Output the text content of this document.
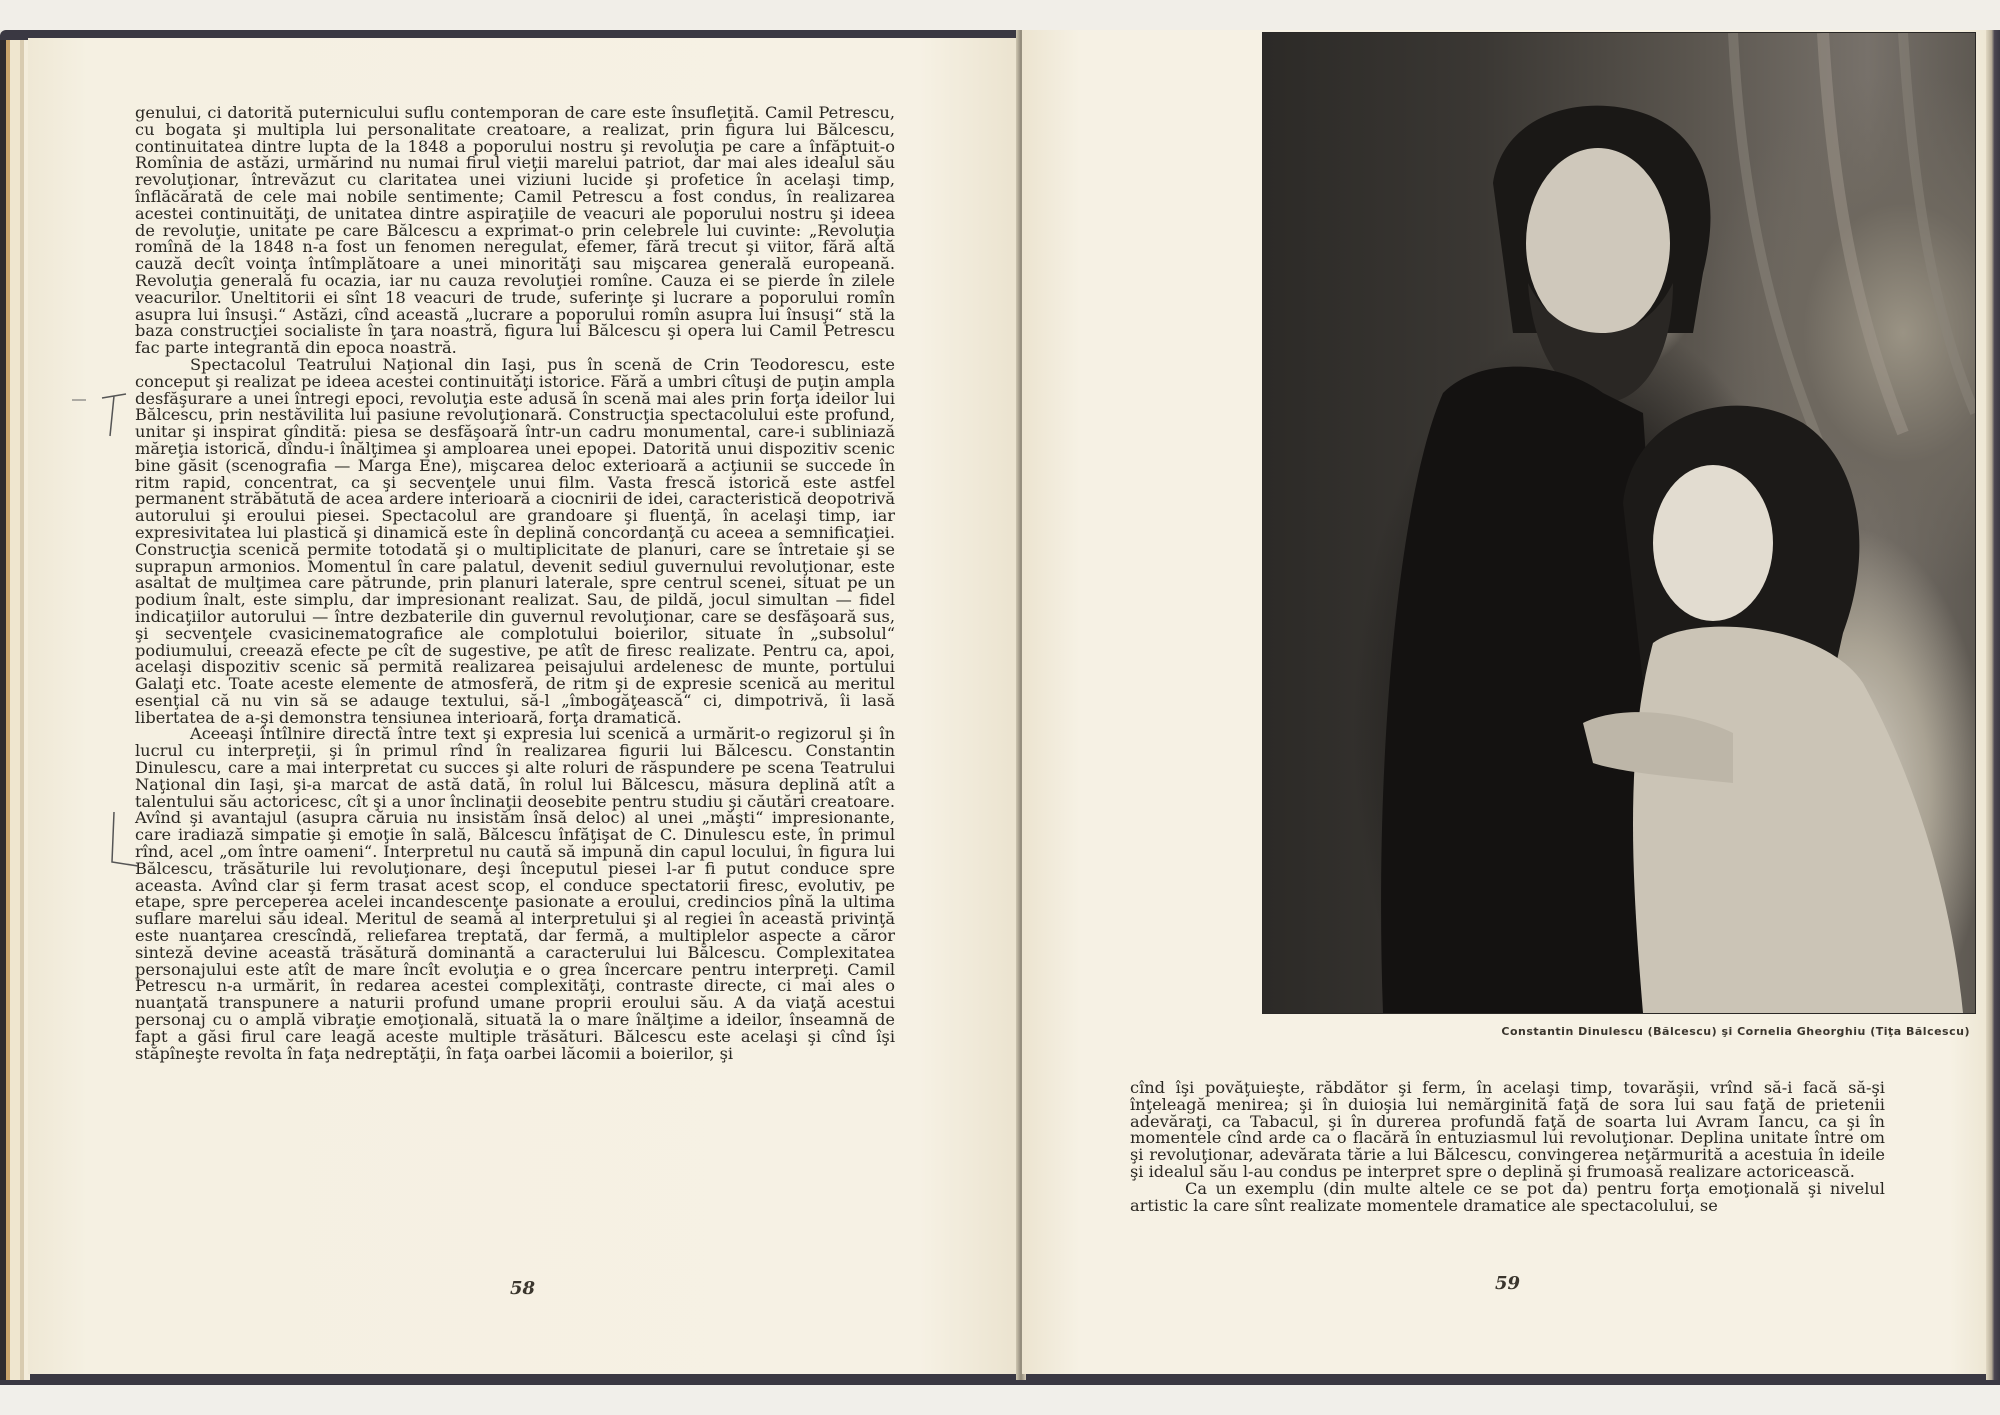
genului, ci datorită puternicului suflu contemporan de care este însufleţită. Camil Petrescu, cu bogata şi multipla lui personalitate creatoare, a realizat, prin figura lui Bălcescu, continuitatea dintre lupta de la 1848 a poporului nostru şi revoluţia pe care a înfăptuit-o Romînia de astăzi, urmărind nu numai firul vieţii marelui patriot, dar mai ales idealul său revoluţionar, întrevăzut cu claritatea unei viziuni lucide şi profetice în acelaşi timp, înflăcărată de cele mai nobile sentimente; Camil Petrescu a fost condus, în realizarea acestei continuităţi, de unitatea dintre aspiraţiile de veacuri ale poporului nostru şi ideea de revoluţie, unitate pe care Bălcescu a exprimat-o prin celebrele lui cuvinte: „Revoluţia romînă de la 1848 n-a fost un fenomen neregulat, efemer, fără trecut şi viitor, fără altă cauză decît voinţa întîmplătoare a unei minorităţi sau mişcarea generală europeană. Revoluţia generală fu ocazia, iar nu cauza revoluţiei romîne. Cauza ei se pierde în zilele veacurilor. Uneltitorii ei sînt 18 veacuri de trude, suferinţe şi lucrare a poporului romîn asupra lui însuşi.“ Astăzi, cînd această „lucrare a poporului romîn asupra lui însuşi“ stă la baza construcţiei socialiste în ţara noastră, figura lui Bălcescu şi opera lui Camil Petrescu fac parte integrantă din epoca noastră.

Spectacolul Teatrului Naţional din Iaşi, pus în scenă de Crin Teodorescu, este conceput şi realizat pe ideea acestei continuităţi istorice. Fără a umbri cîtuşi de puţin ampla desfăşurare a unei întregi epoci, revoluţia este adusă în scenă mai ales prin forţa ideilor lui Bălcescu, prin nestăvilita lui pasiune revoluţionară. Construcţia spectacolului este profund, unitar şi inspirat gîndită: piesa se desfăşoară într-un cadru monumental, care-i subliniază măreţia istorică, dîndu-i înălţimea şi amploarea unei epopei. Datorită unui dispozitiv scenic bine găsit (scenografia — Marga Ene), mişcarea deloc exterioară a acţiunii se succede în ritm rapid, concentrat, ca şi secvenţele unui film. Vasta frescă istorică este astfel permanent străbătută de acea ardere interioară a ciocnirii de idei, caracteristică deopotrivă autorului şi eroului piesei. Spectacolul are grandoare şi fluenţă, în acelaşi timp, iar expresivitatea lui plastică şi dinamică este în deplină concordanţă cu aceea a semnificaţiei. Construcţia scenică permite totodată şi o multiplicitate de planuri, care se întretaie şi se suprapun armonios. Momentul în care palatul, devenit sediul guvernului revoluţionar, este asaltat de mulţimea care pătrunde, prin planuri laterale, spre centrul scenei, situat pe un podium înalt, este simplu, dar impresionant realizat. Sau, de pildă, jocul simultan — fidel indicaţiilor autorului — între dezbaterile din guvernul revoluţionar, care se desfăşoară sus, şi secvenţele cvasicinematografice ale complotului boierilor, situate în „subsolul“ podiumului, creează efecte pe cît de sugestive, pe atît de firesc realizate. Pentru ca, apoi, acelaşi dispozitiv scenic să permită realizarea peisajului ardelenesc de munte, portului Galaţi etc. Toate aceste elemente de atmosferă, de ritm şi de expresie scenică au meritul esenţial că nu vin să se adauge textului, să-l „îmbogăţească“ ci, dimpotrivă, îi lasă libertatea de a-şi demonstra tensiunea interioară, forţa dramatică.

Aceeaşi întîlnire directă între text şi expresia lui scenică a urmărit-o regizorul şi în lucrul cu interpreţii, şi în primul rînd în realizarea figurii lui Bălcescu. Constantin Dinulescu, care a mai interpretat cu succes şi alte roluri de răspundere pe scena Teatrului Naţional din Iaşi, şi-a marcat de astă dată, în rolul lui Bălcescu, măsura deplină atît a talentului său actoricesc, cît şi a unor înclinaţii deosebite pentru studiu şi căutări creatoare. Avînd şi avantajul (asupra căruia nu insistăm însă deloc) al unei „măşti“ impresionante, care iradiază simpatie şi emoţie în sală, Bălcescu înfăţişat de C. Dinulescu este, în primul rînd, acel „om între oameni“. Interpretul nu caută să impună din capul locului, în figura lui Bălcescu, trăsăturile lui revoluţionare, deşi începutul piesei l-ar fi putut conduce spre aceasta. Avînd clar şi ferm trasat acest scop, el conduce spectatorii firesc, evolutiv, pe etape, spre perceperea acelei incandescenţe pasionate a eroului, credincios pînă la ultima suflare marelui său ideal. Meritul de seamă al interpretului şi al regiei în această privinţă este nuanţarea crescîndă, reliefarea treptată, dar fermă, a multiplelor aspecte a căror sinteză devine această trăsătură dominantă a caracterului lui Bălcescu. Complexitatea personajului este atît de mare încît evoluţia e o grea încercare pentru interpreţi. Camil Petrescu n-a urmărit, în redarea acestei complexităţi, contraste directe, ci mai ales o nuanţată transpunere a naturii profund umane proprii eroului său. A da viaţă acestui personaj cu o amplă vibraţie emoţională, situată la o mare înălţime a ideilor, înseamnă de fapt a găsi firul care leagă aceste multiple trăsături. Bălcescu este acelaşi şi cînd îşi stăpîneşte revolta în faţa nedreptăţii, în faţa oarbei lăcomii a boierilor, şi

58
Constantin Dinulescu (Bălcescu) şi Cornelia Gheorghiu (Tiţa Bălcescu)

cînd îşi povăţuieşte, răbdător şi ferm, în acelaşi timp, tovarăşii, vrînd să-i facă să-şi înţeleagă menirea; şi în duioşia lui nemărginită faţă de sora lui sau faţă de prietenii adevăraţi, ca Tabacul, şi în durerea profundă faţă de soarta lui Avram Iancu, ca şi în momentele cînd arde ca o flacără în entuziasmul lui revoluţionar. Deplina unitate între om şi revoluţionar, adevărata tărie a lui Bălcescu, convingerea neţărmurită a acestuia în ideile şi idealul său l-au condus pe interpret spre o deplină şi frumoasă realizare actoricească.

Ca un exemplu (din multe altele ce se pot da) pentru forţa emoţională şi nivelul artistic la care sînt realizate momentele dramatice ale spectacolului, se

59
